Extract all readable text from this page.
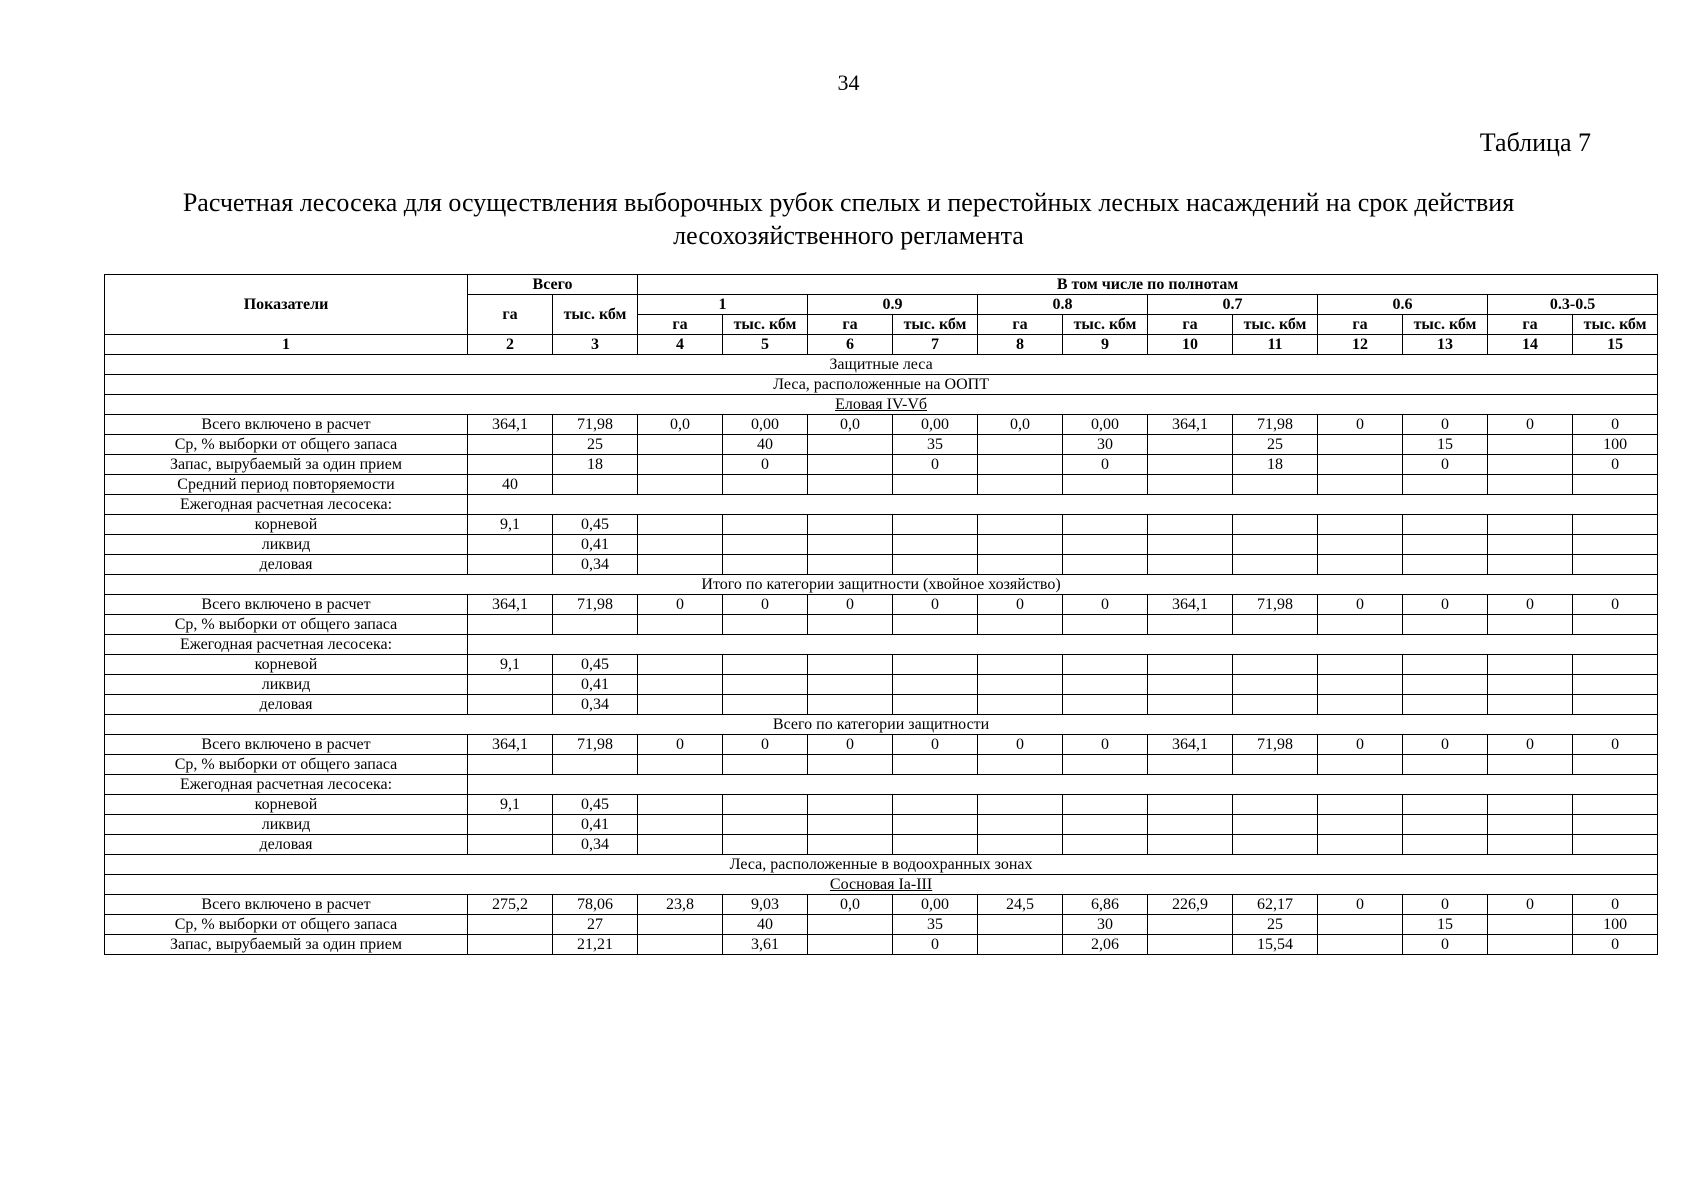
34
Таблица 7
Расчетная лесосека для осуществления выборочных рубок спелых и перестойных лесных насаждений на срок действия лесохозяйственного регламента
Показатели	Всего		В том числе по полнотам											
	га	тыс. кбм	1		0.9		0.8		0.7		0.6		0.3-0.5	
			га	тыс. кбм	га	тыс. кбм	га	тыс. кбм	га	тыс. кбм	га	тыс. кбм	га	тыс. кбм
1	2	3	4	5	6	7	8	9	10	11	12	13	14	15
Защитные леса														
Леса, расположенные на ООПТ														
Еловая IV-Vб														
Всего включено в расчет	364,1	71,98	0,0	0,00	0,0	0,00	0,0	0,00	364,1	71,98	0	0	0	0
Ср, % выборки от общего запаса		25		40		35		30		25		15		100
Запас, вырубаемый за один прием		18		0		0		0		18		0		0
Средний период повторяемости	40													
Ежегодная расчетная лесосека:														
корневой	9,1	0,45												
ликвид		0,41												
деловая		0,34												
Итого по категории защитности (хвойное хозяйство)														
Всего включено в расчет	364,1	71,98	0	0	0	0	0	0	364,1	71,98	0	0	0	0
Ср, % выборки от общего запаса														
Ежегодная расчетная лесосека:														
корневой	9,1	0,45												
ликвид		0,41												
деловая		0,34												
Всего по категории защитности														
Всего включено в расчет	364,1	71,98	0	0	0	0	0	0	364,1	71,98	0	0	0	0
Ср, % выборки от общего запаса														
Ежегодная расчетная лесосека:														
корневой	9,1	0,45												
ликвид		0,41												
деловая		0,34												
Леса, расположенные в водоохранных зонах														
Сосновая Iа-III														
Всего включено в расчет	275,2	78,06	23,8	9,03	0,0	0,00	24,5	6,86	226,9	62,17	0	0	0	0
Ср, % выборки от общего запаса		27		40		35		30		25		15		100
Запас, вырубаемый за один прием		21,21		3,61		0		2,06		15,54		0		0
